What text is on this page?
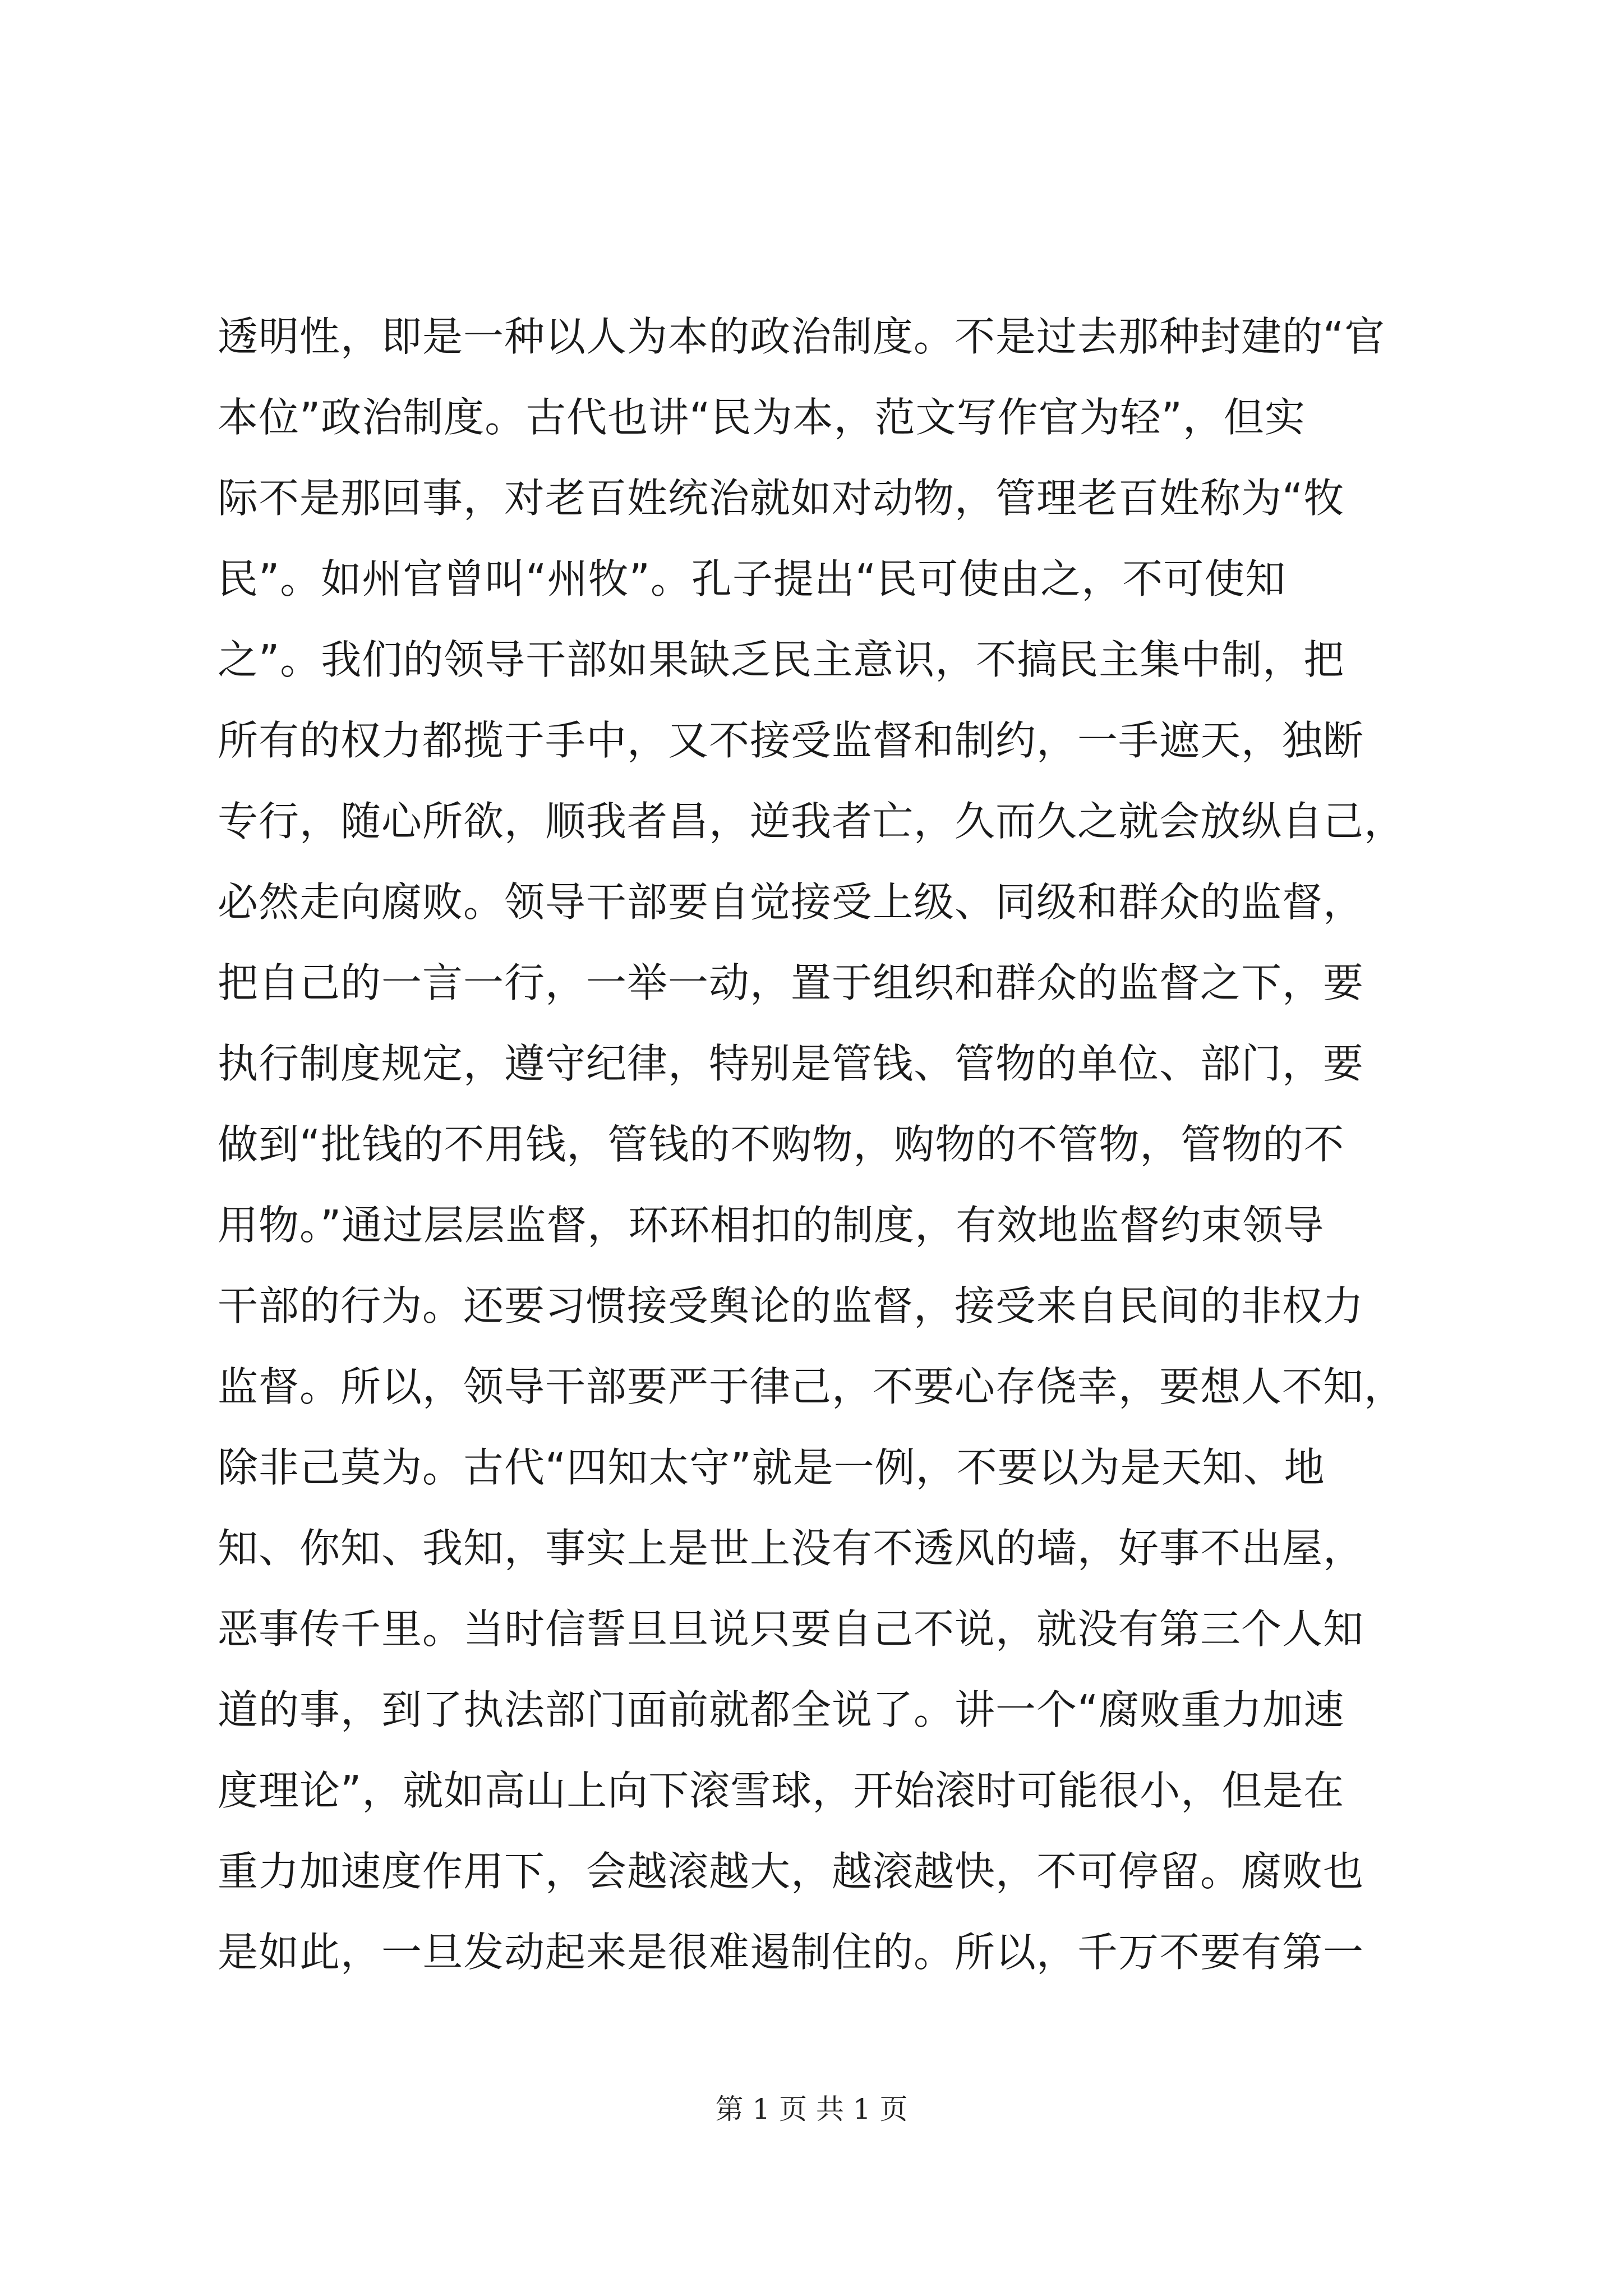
透明性，即是一种以人为本的政治制度。不是过去那种封建的“官
本位”政治制度。古代也讲“民为本，范文写作官为轻”，但实
际不是那回事，对老百姓统治就如对动物，管理老百姓称为“牧
民”。如州官曾叫“州牧”。孔子提出“民可使由之，不可使知
之”。我们的领导干部如果缺乏民主意识，不搞民主集中制，把
所有的权力都揽于手中，又不接受监督和制约，一手遮天，独断
专行，随心所欲，顺我者昌，逆我者亡，久而久之就会放纵自己，
必然走向腐败。领导干部要自觉接受上级、同级和群众的监督，
把自己的一言一行，一举一动，置于组织和群众的监督之下，要
执行制度规定，遵守纪律，特别是管钱、管物的单位、部门，要
做到“批钱的不用钱，管钱的不购物，购物的不管物，管物的不
用物。”通过层层监督，环环相扣的制度，有效地监督约束领导
干部的行为。还要习惯接受舆论的监督，接受来自民间的非权力
监督。所以，领导干部要严于律己，不要心存侥幸，要想人不知，
除非己莫为。古代“四知太守”就是一例，不要以为是天知、地
知、你知、我知，事实上是世上没有不透风的墙，好事不出屋，
恶事传千里。当时信誓旦旦说只要自己不说，就没有第三个人知
道的事，到了执法部门面前就都全说了。讲一个“腐败重力加速
度理论”，就如高山上向下滚雪球，开始滚时可能很小，但是在
重力加速度作用下，会越滚越大，越滚越快，不可停留。腐败也
是如此，一旦发动起来是很难遏制住的。所以，千万不要有第一
第 1 页 共 1 页
